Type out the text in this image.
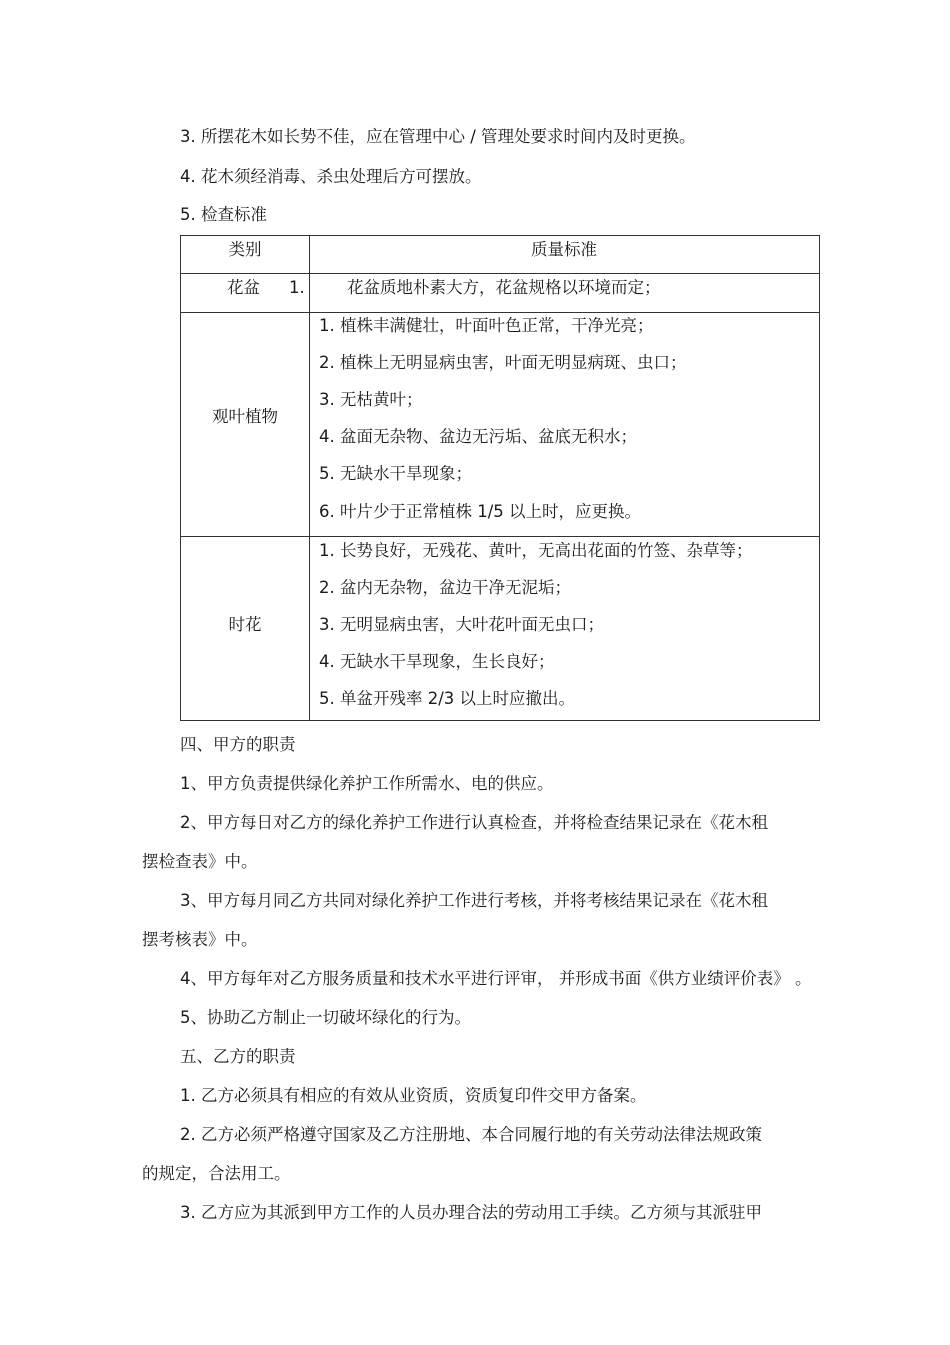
3. 所摆花木如长势不佳，应在管理中心 / 管理处要求时间内及时更换。
4. 花木须经消毒、杀虫处理后方可摆放。
5. 检查标准
类别	质量标准
花盆 1.	花盆质地朴素大方，花盆规格以环境而定；
观叶植物
1. 植株丰满健壮，叶面叶色正常，干净光亮；
2. 植株上无明显病虫害，叶面无明显病斑、虫口；
3. 无枯黄叶；
4. 盆面无杂物、盆边无污垢、盆底无积水；
5. 无缺水干旱现象；
6. 叶片少于正常植株 1/5 以上时，应更换。
时花
1. 长势良好，无残花、黄叶，无高出花面的竹签、杂草等；
2. 盆内无杂物，盆边干净无泥垢；
3. 无明显病虫害，大叶花叶面无虫口；
4. 无缺水干旱现象，生长良好；
5. 单盆开残率 2/3 以上时应撤出。
四、甲方的职责
1、甲方负责提供绿化养护工作所需水、电的供应。
2、甲方每日对乙方的绿化养护工作进行认真检查，并将检查结果记录在《花木租
摆检查表》中。
3、甲方每月同乙方共同对绿化养护工作进行考核，并将考核结果记录在《花木租
摆考核表》中。
4、甲方每年对乙方服务质量和技术水平进行评审， 并形成书面《供方业绩评价表》 。
5、协助乙方制止一切破坏绿化的行为。
五、乙方的职责
1. 乙方必须具有相应的有效从业资质，资质复印件交甲方备案。
2. 乙方必须严格遵守国家及乙方注册地、本合同履行地的有关劳动法律法规政策
的规定，合法用工。
3. 乙方应为其派到甲方工作的人员办理合法的劳动用工手续。乙方须与其派驻甲
